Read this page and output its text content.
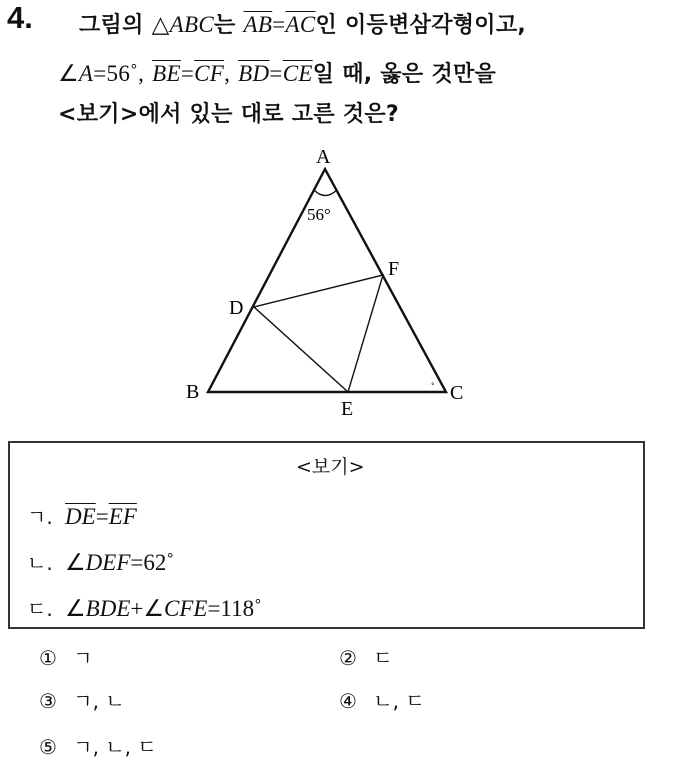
4. 그림의 △ABC는 $\overline{AB}=\overline{AC}$인 이등변삼각형이고,
∠A=56˚, $\overline{BE}=\overline{CF}$, $\overline{BD}=\overline{CE}$일 때, 옳은 것만을
<보기>에서 있는 대로 고른 것은?
A
B	C
D
E
F
56°
°
<보기>
ㄱ. $\overline{DE}=\overline{EF}$
ㄴ. ∠DEF=62˚
ㄷ. ∠BDE+∠CFE=118˚
① ㄱ	② ㄷ
③ ㄱ, ㄴ	④ ㄴ, ㄷ
⑤ ㄱ, ㄴ, ㄷ
